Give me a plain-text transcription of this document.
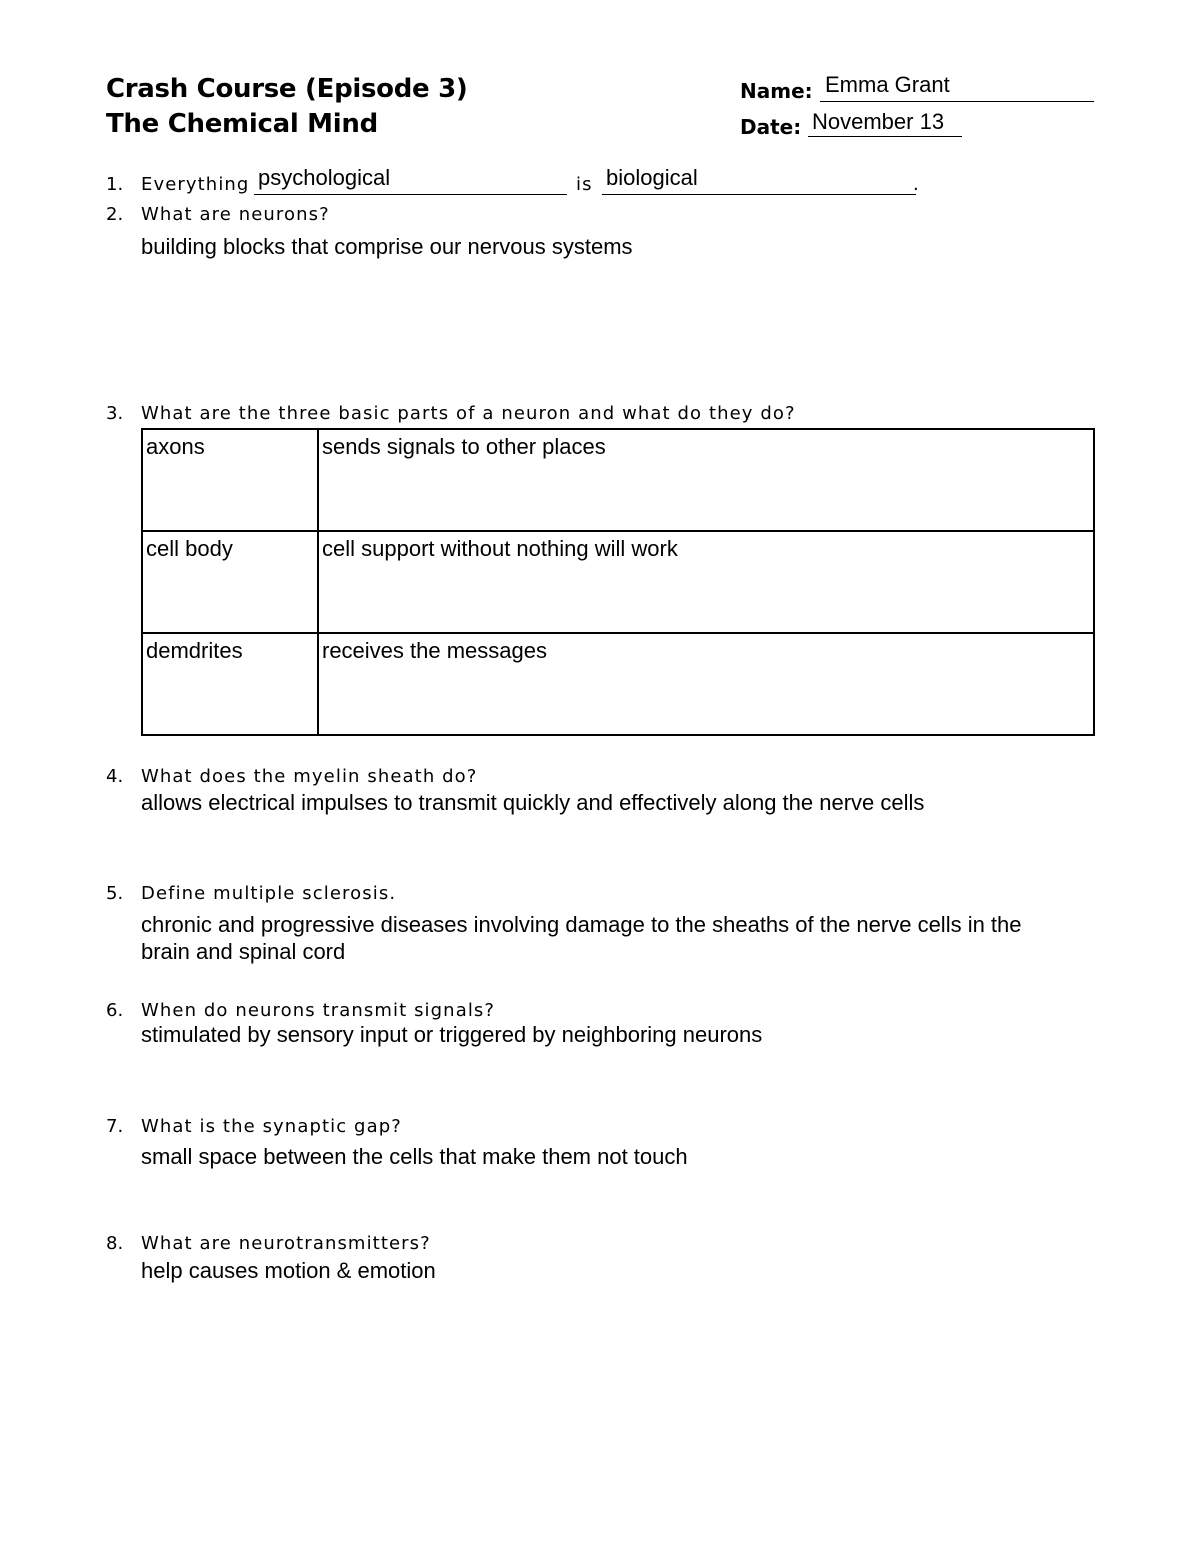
Crash Course (Episode 3)
The Chemical Mind
Name: Emma Grant
Date: November 13
1. Everything psychological	is biological	.
2. What are neurons?
building blocks that comprise our nervous systems
3. What are the three basic parts of a neuron and what do they do?
axons	sends signals to other places
cell body	cell support without nothing will work
demdrites	receives the messages
4. What does the myelin sheath do?
allows electrical impulses to transmit quickly and effectively along the nerve cells
5. Define multiple sclerosis.
chronic and progressive diseases involving damage to the sheaths of the nerve cells in the
brain and spinal cord
6. When do neurons transmit signals?
stimulated by sensory input or triggered by neighboring neurons
7. What is the synaptic gap?
small space between the cells that make them not touch
8. What are neurotransmitters?
help causes motion & emotion
